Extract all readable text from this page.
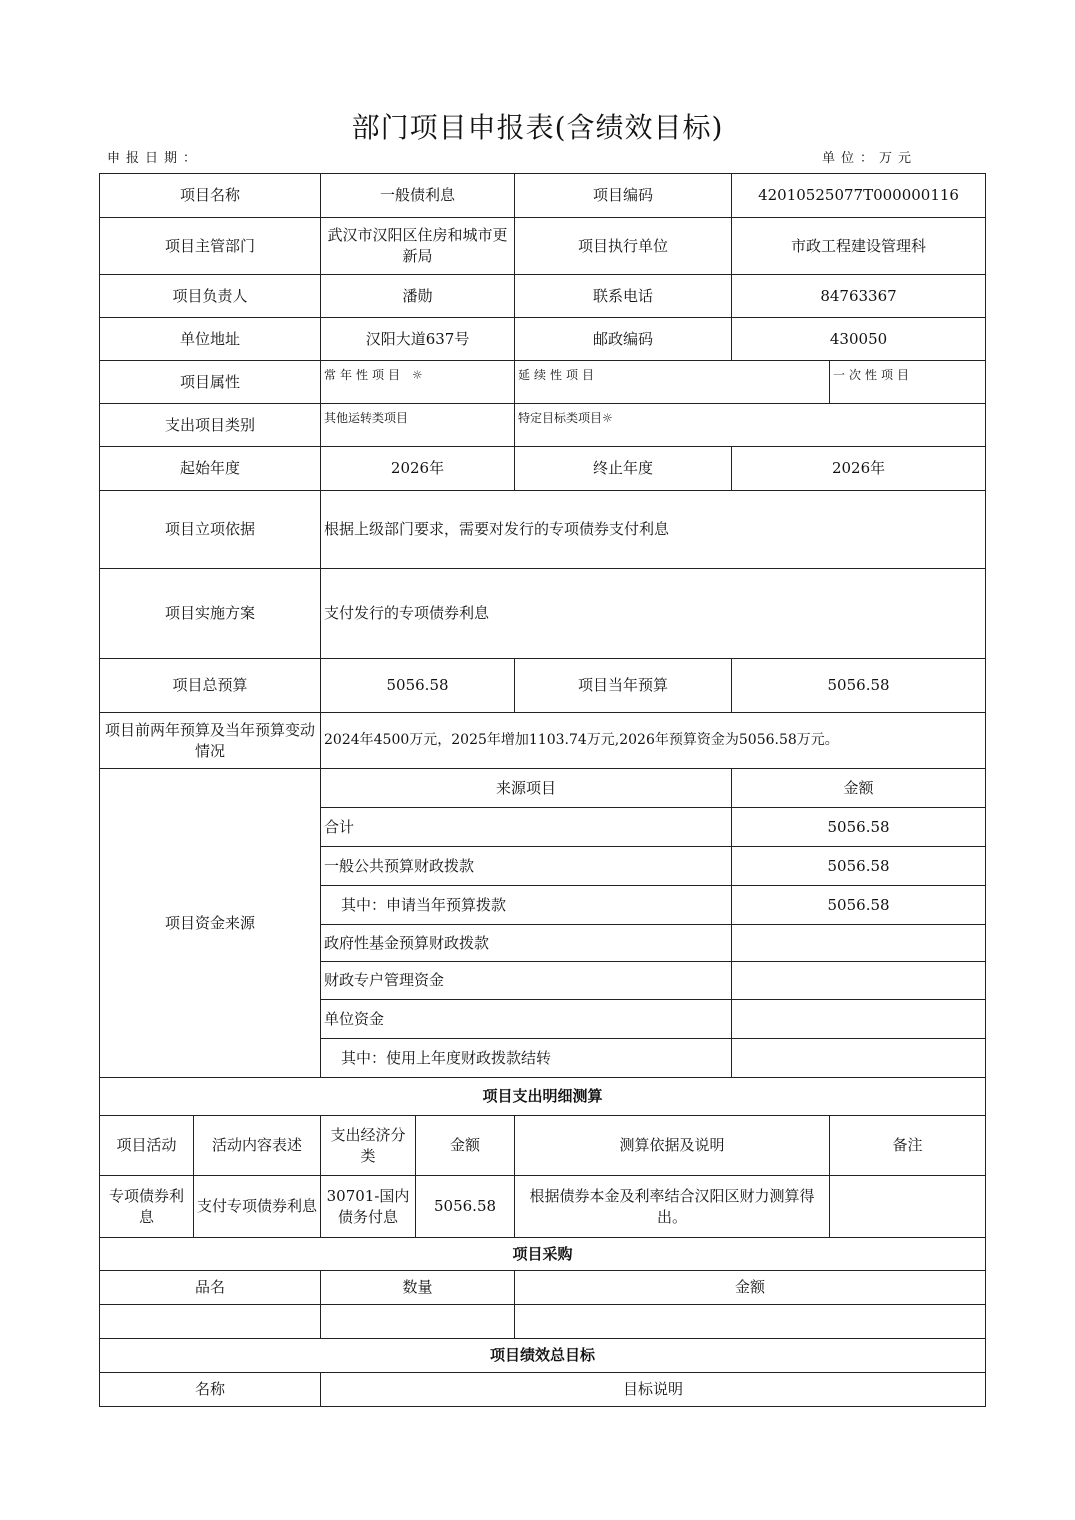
部门项目申报表(含绩效目标)
申报日期：	单位：万元
项目名称		一般债利息		项目编码	42010525077T000000116	
项目主管部门		武汉市汉阳区住房和城市更新局		项目执行单位	市政工程建设管理科	
项目负责人		潘勋		联系电话	84763367	
单位地址		汉阳大道637号		邮政编码	430050	
项目属性		常年性项目 ☼		延续性项目		一次性项目
支出项目类别		其他运转类项目		特定目标类项目☼		
起始年度		2026年		终止年度	2026年	
项目立项依据		根据上级部门要求，需要对发行的专项债券支付利息				
项目实施方案		支付发行的专项债券利息				
项目总预算		5056.58		项目当年预算	5056.58	
项目前两年预算及当年预算变动情况		2024年4500万元，2025年增加1103.74万元,2026年预算资金为5056.58万元。				
项目资金来源		来源项目			金额	
		合计			5056.58	
		一般公共预算财政拨款			5056.58	
		其中：申请当年预算拨款			5056.58	
		政府性基金预算财政拨款				
		财政专户管理资金				
		单位资金				
		其中：使用上年度财政拨款结转				
项目支出明细测算						
项目活动	活动内容表述	支出经济分类	金额	测算依据及说明		备注
专项债券利息	支付专项债券利息	30701-国内债务付息	5056.58	根据债券本金及利率结合汉阳区财力测算得出。		
项目采购						
品名		数量		金额		

项目绩效总目标						
名称		目标说明				
